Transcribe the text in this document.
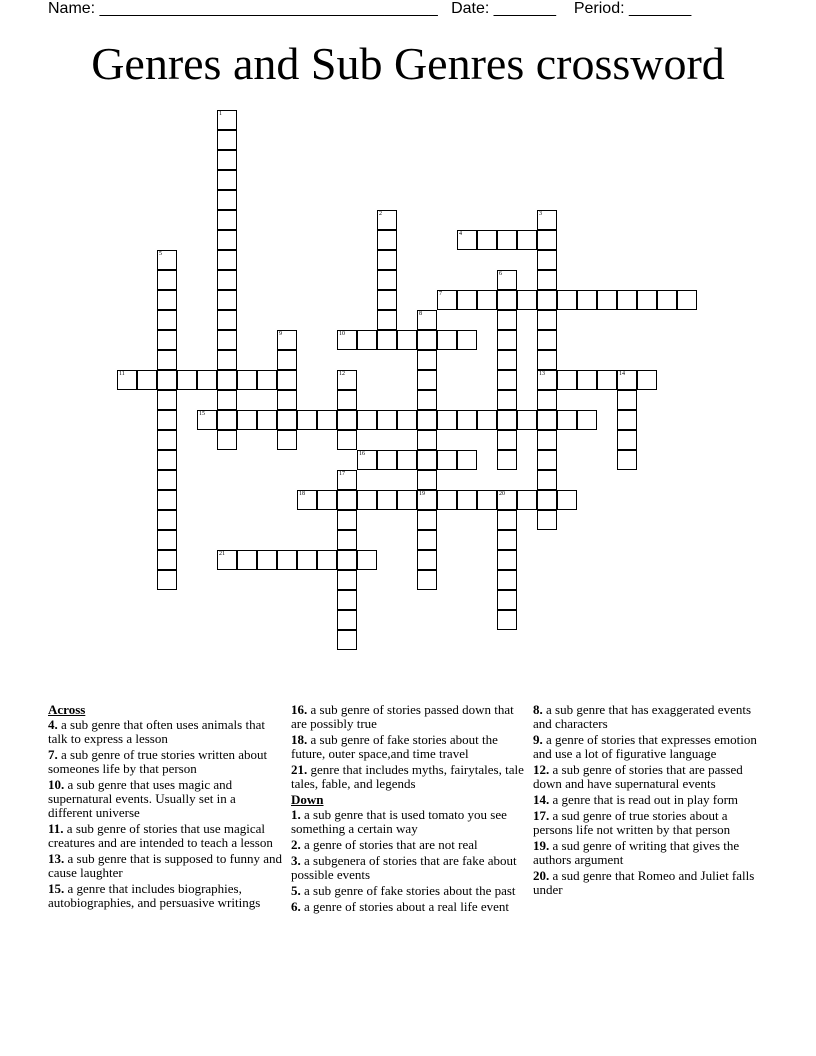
Name: ______________________________________ Date: _______ Period: _______
Genres and Sub Genres crossword
1
2	3
13
4
5
6
7
8
19
9	10
11	12	14
15
16
17
18	20
21
Across
4. a sub genre that often uses animals that talk to express a lesson
7. a sub genre of true stories written about someones life by that person
10. a sub genre that uses magic and supernatural events. Usually set in a different universe
11. a sub genre of stories that use magical creatures and are intended to teach a lesson
13. a sub genre that is supposed to funny and cause laughter
15. a genre that includes biographies, autobiographies, and persuasive writings
16. a sub genre of stories passed down that are possibly true
18. a sub genre of fake stories about the future, outer space,and time travel
21. genre that includes myths, fairytales, tale tales, fable, and legends
Down
1. a sub genre that is used tomato you see something a certain way
2. a genre of stories that are not real
3. a subgenera of stories that are fake about possible events
5. a sub genre of fake stories about the past
6. a genre of stories about a real life event
8. a sub genre that has exaggerated events and characters
9. a genre of stories that expresses emotion and use a lot of figurative language
12. a sub genre of stories that are passed down and have supernatural events
14. a genre that is read out in play form
17. a sud genre of true stories about a persons life not written by that person
19. a sud genre of writing that gives the authors argument
20. a sud genre that Romeo and Juliet falls under
